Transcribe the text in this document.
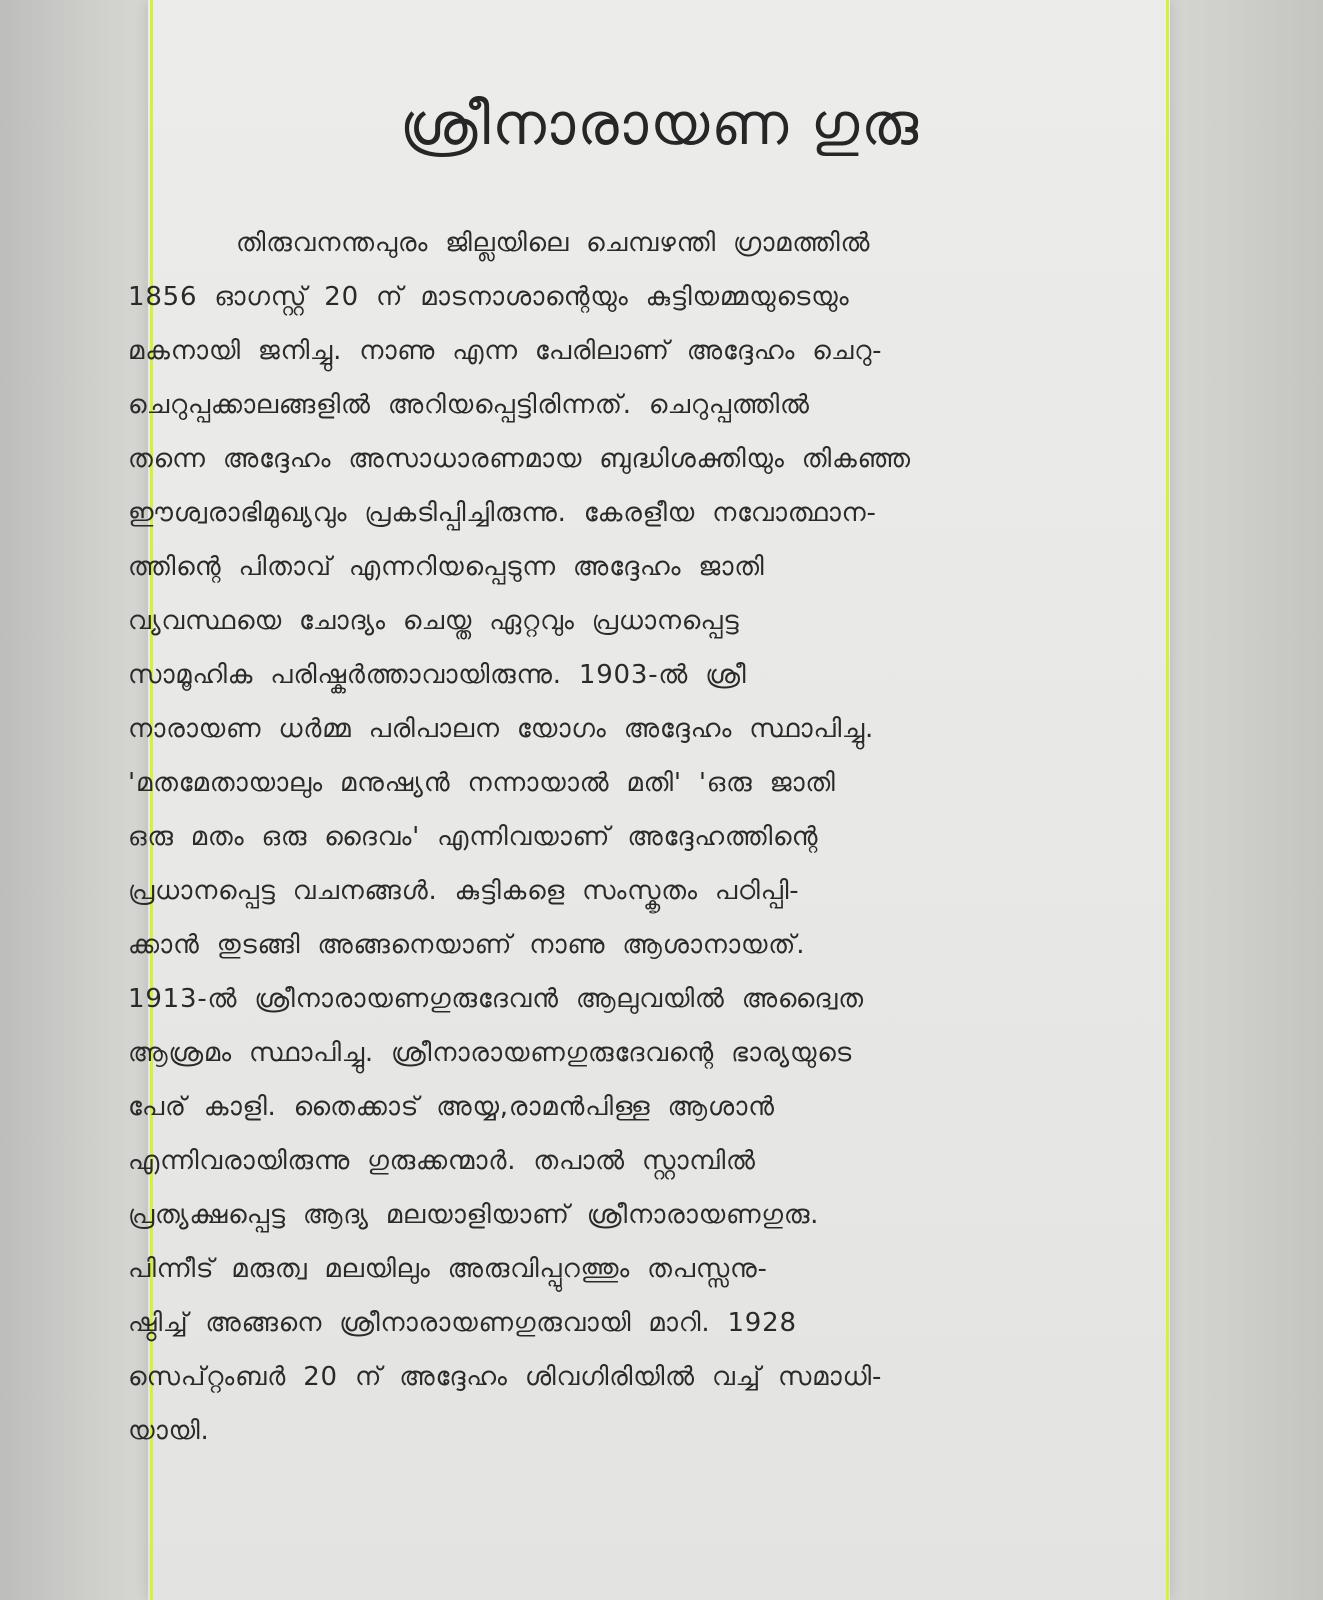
ശ്രീനാരായണ ഗുരു
തിരുവനന്തപുരം ജില്ലയിലെ ചെമ്പഴന്തി ഗ്രാമത്തിൽ
1856 ഓഗസ്റ്റ് 20 ന് മാടനാശാന്റെയും കുട്ടിയമ്മയുടെയും
മകനായി ജനിച്ചു. നാണു എന്ന പേരിലാണ് അദ്ദേഹം ചെറു-
ചെറുപ്പക്കാലങ്ങളിൽ അറിയപ്പെട്ടിരിന്നത്. ചെറുപ്പത്തിൽ
തന്നെ അദ്ദേഹം അസാധാരണമായ ബുദ്ധിശക്തിയും തികഞ്ഞ
ഈശ്വരാഭിമുഖ്യവും പ്രകടിപ്പിച്ചിരുന്നു. കേരളീയ നവോത്ഥാന-
ത്തിന്റെ പിതാവ് എന്നറിയപ്പെടുന്ന അദ്ദേഹം ജാതി
വ്യവസ്ഥയെ ചോദ്യം ചെയ്ത ഏറ്റവും പ്രധാനപ്പെട്ട
സാമൂഹിക പരിഷ്കർത്താവായിരുന്നു. 1903-ൽ ശ്രീ
നാരായണ ധർമ്മ പരിപാലന യോഗം അദ്ദേഹം സ്ഥാപിച്ചു.
'മതമേതായാലും മനുഷ്യൻ നന്നായാൽ മതി' 'ഒരു ജാതി
ഒരു മതം ഒരു ദൈവം' എന്നിവയാണ് അദ്ദേഹത്തിന്റെ
പ്രധാനപ്പെട്ട വചനങ്ങൾ. കുട്ടികളെ സംസ്കൃതം പഠിപ്പി-
ക്കാൻ തുടങ്ങി അങ്ങനെയാണ് നാണു ആശാനായത്.
1913-ൽ ശ്രീനാരായണഗുരുദേവൻ ആലുവയിൽ അദ്വൈത
ആശ്രമം സ്ഥാപിച്ചു. ശ്രീനാരായണഗുരുദേവന്റെ ഭാര്യയുടെ
പേര് കാളി. തൈക്കാട് അയ്യ,രാമൻപിള്ള ആശാൻ
എന്നിവരായിരുന്നു ഗുരുക്കന്മാർ. തപാൽ സ്റ്റാമ്പിൽ
പ്രത്യക്ഷപ്പെട്ട ആദ്യ മലയാളിയാണ് ശ്രീനാരായണഗുരു.
പിന്നീട് മരുത്വ മലയിലും അരുവിപ്പുറത്തും തപസ്സനു-
ഷ്ഠിച്ച് അങ്ങനെ ശ്രീനാരായണഗുരുവായി മാറി. 1928
സെപ്റ്റംബർ 20 ന് അദ്ദേഹം ശിവഗിരിയിൽ വച്ച് സമാധി-
യായി.
